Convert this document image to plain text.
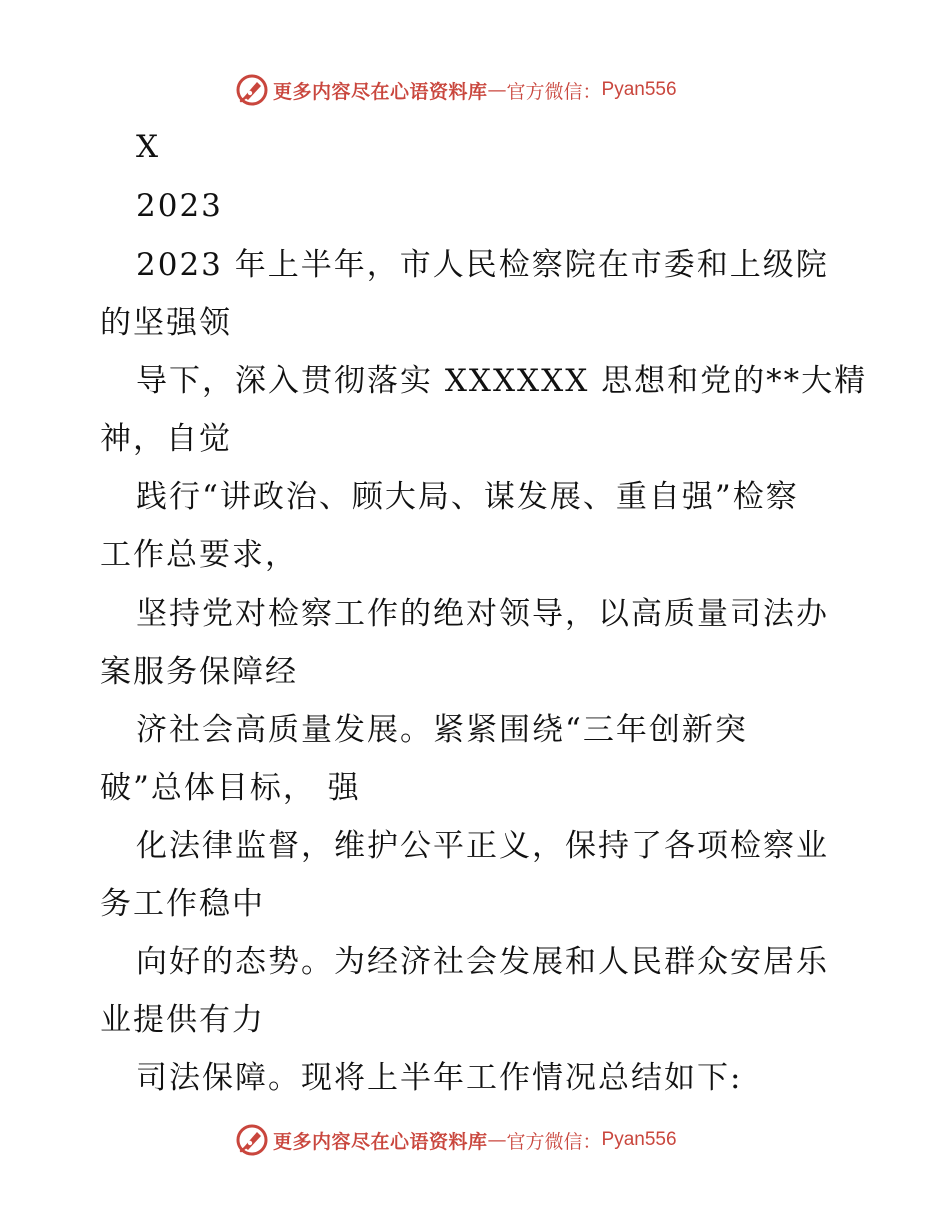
更多内容尽在心语资料库 — 官方微信： Pyan556
X
2023
2023 年上半年，市人民检察院在市委和上级院
的坚强领
导下，深入贯彻落实 XXXXXX 思想和党的**大精
神，自觉
践行“讲政治、顾大局、谋发展、重自强”检察
工作总要求，
坚持党对检察工作的绝对领导，以高质量司法办
案服务保障经
济社会高质量发展。紧紧围绕“三年创新突
破”总体目标， 强
化法律监督，维护公平正义，保持了各项检察业
务工作稳中
向好的态势。为经济社会发展和人民群众安居乐
业提供有力
司法保障。现将上半年工作情况总结如下:
更多内容尽在心语资料库 — 官方微信： Pyan556
